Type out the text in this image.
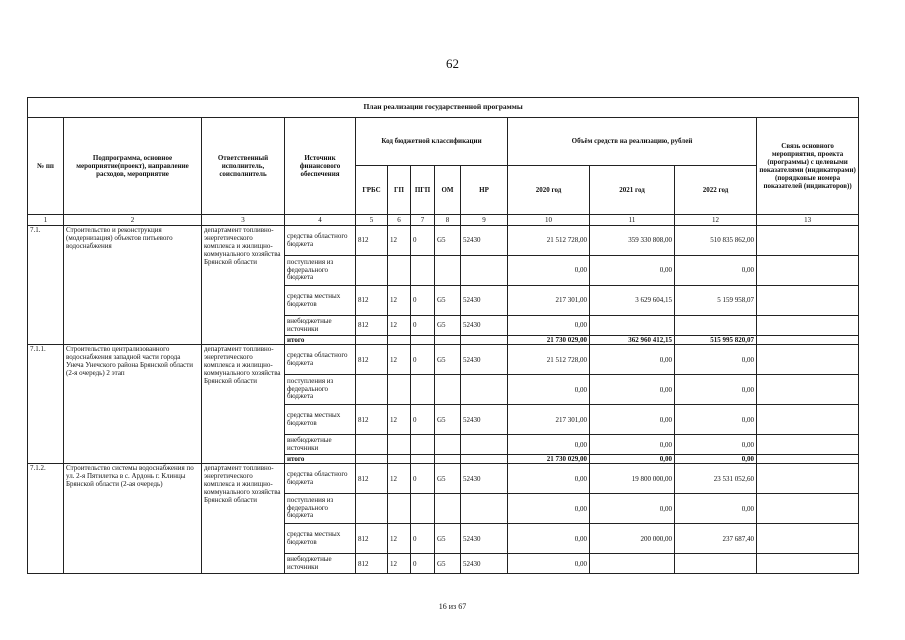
62
План реализации государственной программы												
№ пп	Подпрограмма, основное мероприятие(проект), направление расходов, мероприятие	Ответственный исполнитель, соисполнитель	Источник финансового обеспечения	Код бюджетной классификации					Объём средств на реализацию, рублей			Связь основного мероприятия, проекта (программы) с целевыми показателями (индикаторами) (порядковые номера показателей (индикаторов))
				ГРБС	ГП	ПГП	ОМ	НР	2020 год	2021 год	2022 год	
1	2	3	4	5	6	7	8	9	10	11	12	13
7.1.	Строительство и реконструкция (модернизация) объектов питьевого водоснабжения	департамент топливно-энергетического комплекса и жилищно-коммунального хозяйства Брянской области	средства областного бюджета	812	12	0	G5	52430	21 512 728,00	359 330 808,00	510 835 862,00	
			поступления из федерального бюджета						0,00	0,00	0,00	
			средства местных бюджетов	812	12	0	G5	52430	217 301,00	3 629 604,15	5 159 958,07	
			внебюджетные источники	812	12	0	G5	52430	0,00			
			итого						21 730 029,00	362 960 412,15	515 995 820,07	
7.1.1.	Строительство централизованного водоснабжения западной части города Унеча Унечского района Брянской области (2-я очередь) 2 этап	департамент топливно-энергетического комплекса и жилищно-коммунального хозяйства Брянской области	средства областного бюджета	812	12	0	G5	52430	21 512 728,00	0,00	0,00	
			поступления из федерального бюджета						0,00	0,00	0,00	
			средства местных бюджетов	812	12	0	G5	52430	217 301,00	0,00	0,00	
			внебюджетные источники						0,00	0,00	0,00	
			итого						21 730 029,00	0,00	0,00	
7.1.2.	Строительство системы водоснабжения по ул. 2-я Пятилетка в с. Ардонь г. Клинцы Брянской области (2-ая очередь)	департамент топливно-энергетического комплекса и жилищно-коммунального хозяйства Брянской области	средства областного бюджета	812	12	0	G5	52430	0,00	19 800 000,00	23 531 052,60	
			поступления из федерального бюджета						0,00	0,00	0,00	
			средства местных бюджетов	812	12	0	G5	52430	0,00	200 000,00	237 687,40	
			внебюджетные источники	812	12	0	G5	52430	0,00			
16 из 67
